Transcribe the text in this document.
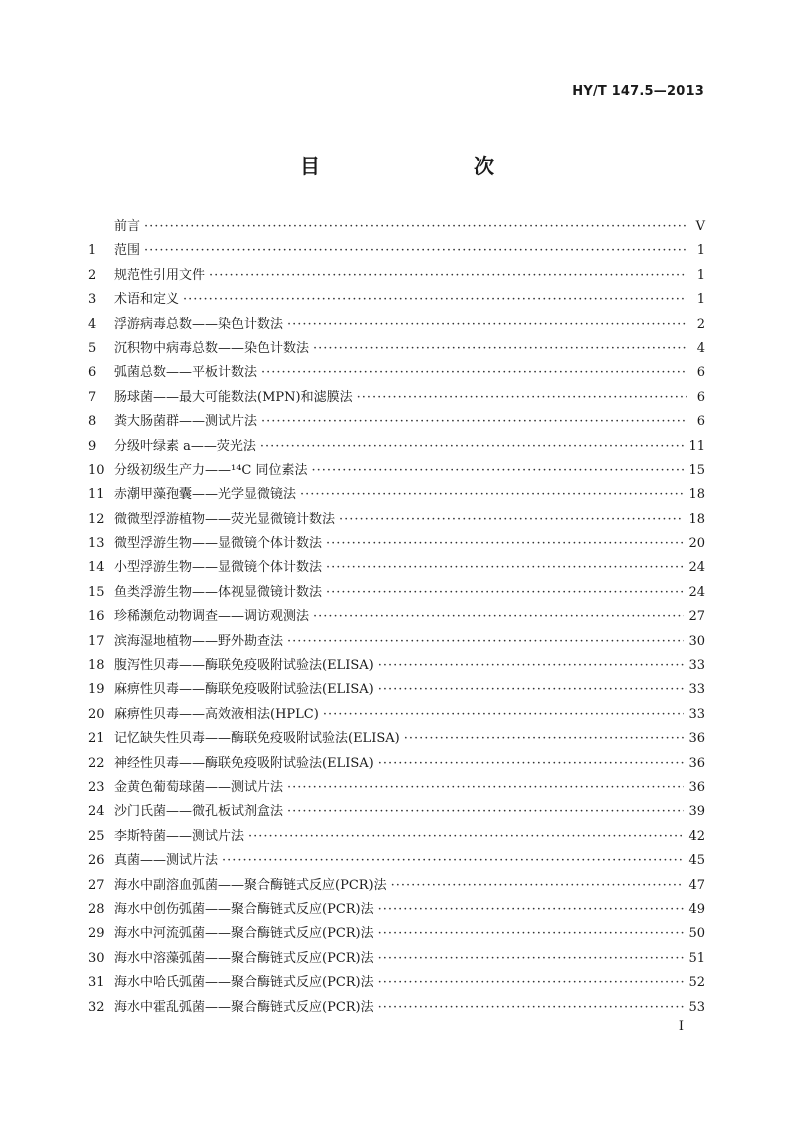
HY/T 147.5—2013
目　　次
前言 ·····	Ⅴ
1	范围 ·····	1
2	规范性引用文件 ·····	1
3	术语和定义 ·····	1
4	浮游病毒总数——染色计数法 ·····	2
5	沉积物中病毒总数——染色计数法 ·····	4
6	弧菌总数——平板计数法 ·····	6
7	肠球菌——最大可能数法(MPN)和滤膜法 ·····	6
8	粪大肠菌群——测试片法 ·····	6
9	分级叶绿素 a——荧光法 ·····	11
10 分级初级生产力——¹⁴C 同位素法 ·····	15
11 赤潮甲藻孢囊——光学显微镜法 ·····	18
12 微微型浮游植物——荧光显微镜计数法 ·····	18
13 微型浮游生物——显微镜个体计数法 ·····	20
14 小型浮游生物——显微镜个体计数法 ·····	24
15 鱼类浮游生物——体视显微镜计数法 ·····	24
16 珍稀濒危动物调查——调访观测法 ·····	27
17 滨海湿地植物——野外勘查法 ·····	30
18 腹泻性贝毒——酶联免疫吸附试验法(ELISA) ·····	33
19 麻痹性贝毒——酶联免疫吸附试验法(ELISA) ·····	33
20 麻痹性贝毒——高效液相法(HPLC) ·····	33
21 记忆缺失性贝毒——酶联免疫吸附试验法(ELISA) ·····	36
22 神经性贝毒——酶联免疫吸附试验法(ELISA) ·····	36
23 金黄色葡萄球菌——测试片法 ·····	36
24 沙门氏菌——微孔板试剂盒法 ·····	39
25 李斯特菌——测试片法 ·····	42
26 真菌——测试片法 ·····	45
27 海水中副溶血弧菌——聚合酶链式反应(PCR)法 ·····	47
28 海水中创伤弧菌——聚合酶链式反应(PCR)法 ·····	49
29 海水中河流弧菌——聚合酶链式反应(PCR)法 ·····	50
30 海水中溶藻弧菌——聚合酶链式反应(PCR)法 ·····	51
31 海水中哈氏弧菌——聚合酶链式反应(PCR)法 ·····	52
32 海水中霍乱弧菌——聚合酶链式反应(PCR)法 ·····	53
Ⅰ
